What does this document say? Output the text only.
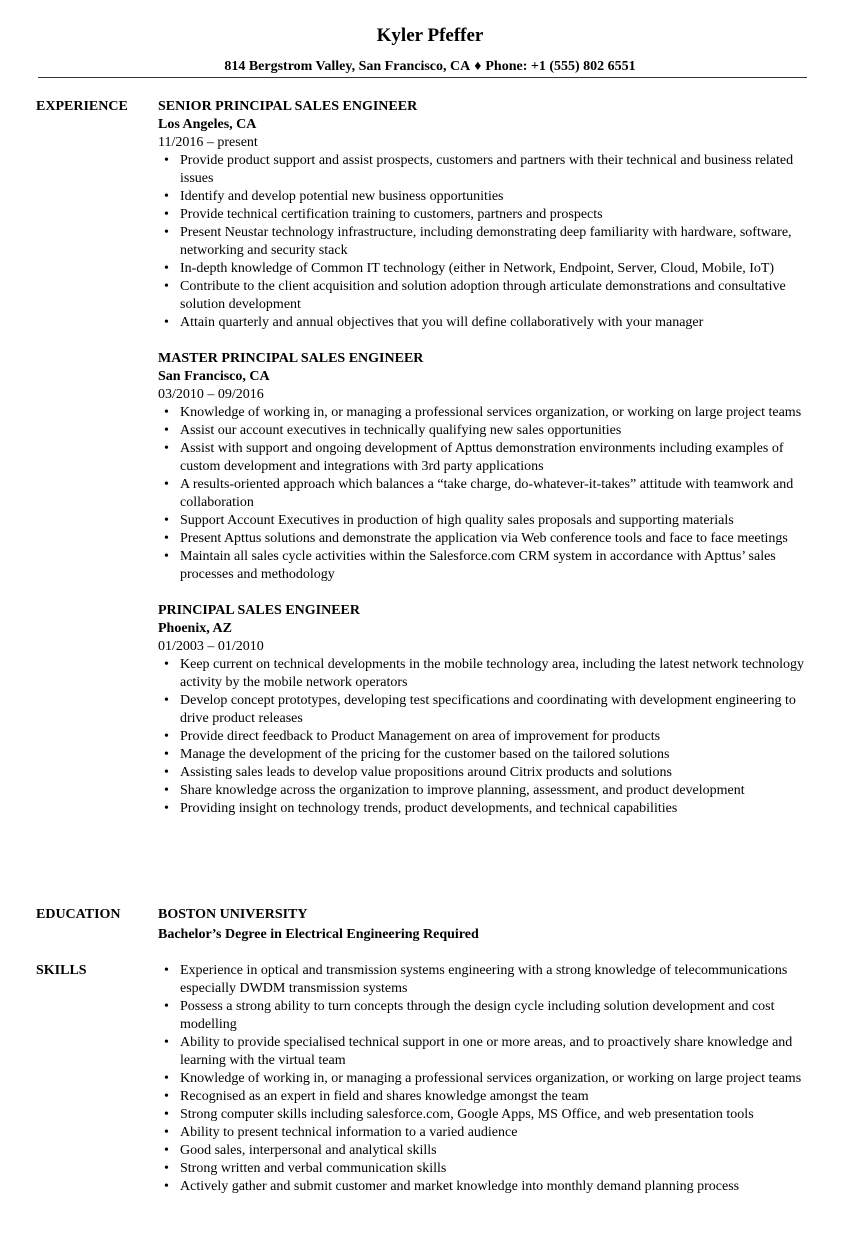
Kyler Pfeffer
814 Bergstrom Valley, San Francisco, CA ♦ Phone: +1 (555) 802 6551
EXPERIENCE SENIOR PRINCIPAL SALES ENGINEER
Los Angeles, CA
11/2016 – present
• Provide product support and assist prospects, customers and partners with their technical and business related issues
• Identify and develop potential new business opportunities
• Provide technical certification training to customers, partners and prospects
• Present Neustar technology infrastructure, including demonstrating deep familiarity with hardware, software, networking and security stack
• In-depth knowledge of Common IT technology (either in Network, Endpoint, Server, Cloud, Mobile, IoT)
• Contribute to the client acquisition and solution adoption through articulate demonstrations and consultative solution development
• Attain quarterly and annual objectives that you will define collaboratively with your manager
MASTER PRINCIPAL SALES ENGINEER
San Francisco, CA
03/2010 – 09/2016
• Knowledge of working in, or managing a professional services organization, or working on large project teams
• Assist our account executives in technically qualifying new sales opportunities
• Assist with support and ongoing development of Apttus demonstration environments including examples of custom development and integrations with 3rd party applications
• A results-oriented approach which balances a “take charge, do-whatever-it-takes” attitude with teamwork and collaboration
• Support Account Executives in production of high quality sales proposals and supporting materials
• Present Apttus solutions and demonstrate the application via Web conference tools and face to face meetings
• Maintain all sales cycle activities within the Salesforce.com CRM system in accordance with Apttus’ sales processes and methodology
PRINCIPAL SALES ENGINEER
Phoenix, AZ
01/2003 – 01/2010
• Keep current on technical developments in the mobile technology area, including the latest network technology activity by the mobile network operators
• Develop concept prototypes, developing test specifications and coordinating with development engineering to drive product releases
• Provide direct feedback to Product Management on area of improvement for products
• Manage the development of the pricing for the customer based on the tailored solutions
• Assisting sales leads to develop value propositions around Citrix products and solutions
• Share knowledge across the organization to improve planning, assessment, and product development
• Providing insight on technology trends, product developments, and technical capabilities
EDUCATION	BOSTON UNIVERSITY
Bachelor’s Degree in Electrical Engineering Required
SKILLS	• Experience in optical and transmission systems engineering with a strong knowledge of telecommunications especially DWDM transmission systems
• Possess a strong ability to turn concepts through the design cycle including solution development and cost modelling
• Ability to provide specialised technical support in one or more areas, and to proactively share knowledge and learning with the virtual team
• Knowledge of working in, or managing a professional services organization, or working on large project teams
• Recognised as an expert in field and shares knowledge amongst the team
• Strong computer skills including salesforce.com, Google Apps, MS Office, and web presentation tools
• Ability to present technical information to a varied audience
• Good sales, interpersonal and analytical skills
• Strong written and verbal communication skills
• Actively gather and submit customer and market knowledge into monthly demand planning process
